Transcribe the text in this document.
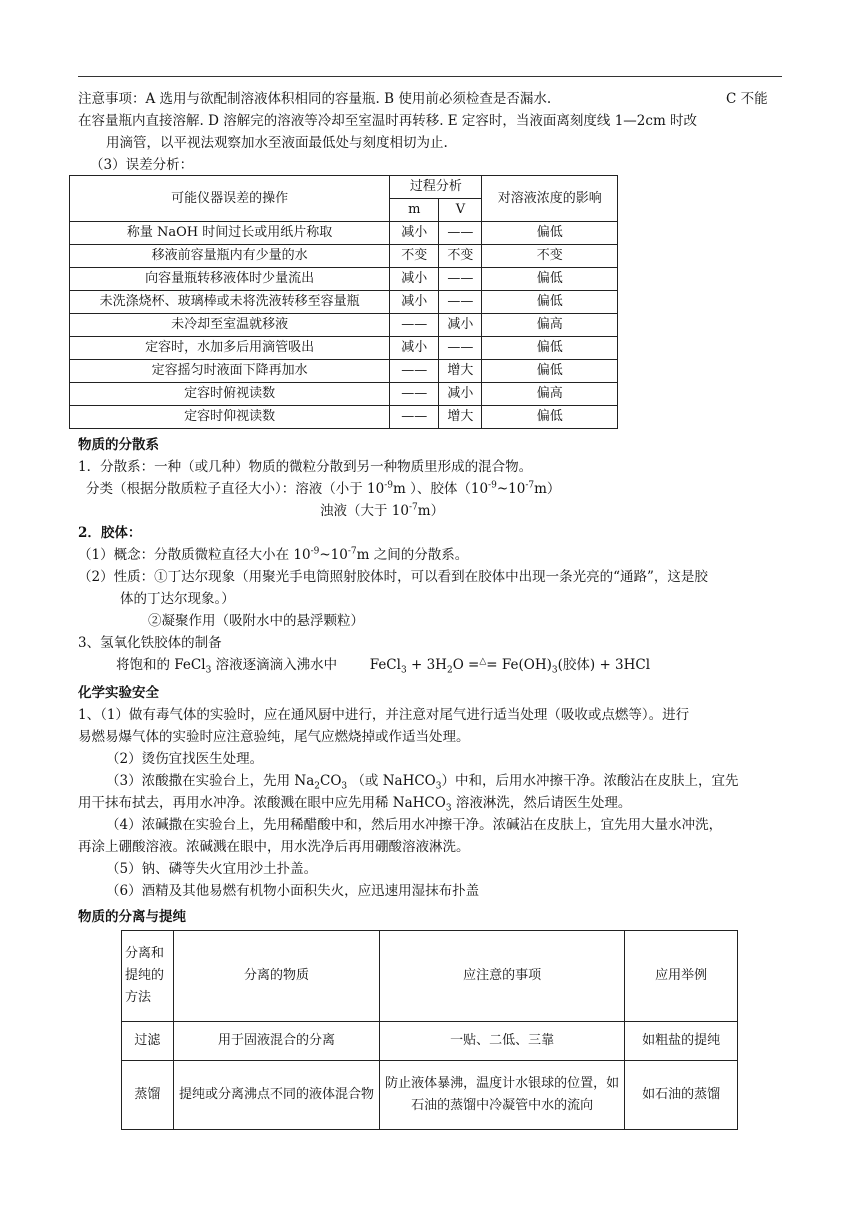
注意事项：A 选用与欲配制溶液体积相同的容量瓶. B 使用前必须检查是否漏水.	C 不能

在容量瓶内直接溶解. D 溶解完的溶液等冷却至室温时再转移. E 定容时，当液面离刻度线 1—2cm 时改

用滴管，以平视法观察加水至液面最低处与刻度相切为止.

（3）误差分析：

可能仪器误差的操作	过程分析		对溶液浓度的影响
	m	V	
称量 NaOH 时间过长或用纸片称取	减小	——	偏低
移液前容量瓶内有少量的水	不变	不变	不变
向容量瓶转移液体时少量流出	减小	——	偏低
未洗涤烧杯、玻璃棒或未将洗液转移至容量瓶	减小	——	偏低
未冷却至室温就移液	——	减小	偏高
定容时，水加多后用滴管吸出	减小	——	偏低
定容摇匀时液面下降再加水	——	增大	偏低
定容时俯视读数	——	减小	偏高
定容时仰视读数	——	增大	偏低

物质的分散系

1．分散系：一种（或几种）物质的微粒分散到另一种物质里形成的混合物。

分类（根据分散质粒子直径大小）：溶液（小于 $10^{-9}m$ ）、胶体$(10^{-9}\sim 10^{-7}m)$

浊液（大于 $10^{-7}m$）

2．胶体：

（1）概念：分散质微粒直径大小在 $10^{-9}\sim 10^{-7}m$ 之间的分散系。

（2）性质：①丁达尔现象（用聚光手电筒照射胶体时，可以看到在胶体中出现一条光亮的“通路”，这是胶

体的丁达尔现象。）

②凝聚作用（吸附水中的悬浮颗粒）

3、氢氧化铁胶体的制备

将饱和的 FeCl$_3$ 溶液逐滴滴入沸水中 FeCl$_3$ + $3H_2O =^\triangle= Fe(OH)_3$(胶体) + 3HCl

化学实验安全

1、（1）做有毒气体的实验时，应在通风厨中进行，并注意对尾气进行适当处理（吸收或点燃等）。进行

易燃易爆气体的实验时应注意验纯，尾气应燃烧掉或作适当处理。

（2）烫伤宜找医生处理。

（3）浓酸撒在实验台上，先用 $Na_2CO_3$ （或 NaHCO$_3$）中和，后用水冲擦干净。浓酸沾在皮肤上，宜先

用干抹布拭去，再用水冲净。浓酸溅在眼中应先用稀 NaHCO$_3$ 溶液淋洗，然后请医生处理。

（4）浓碱撒在实验台上，先用稀醋酸中和，然后用水冲擦干净。浓碱沾在皮肤上，宜先用大量水冲洗，

再涂上硼酸溶液。浓碱溅在眼中，用水洗净后再用硼酸溶液淋洗。

（5）钠、磷等失火宜用沙土扑盖。

（6）酒精及其他易燃有机物小面积失火，应迅速用湿抹布扑盖

物质的分离与提纯

分离和提纯的方法	分离的物质	应注意的事项	应用举例
过滤	用于固液混合的分离	一贴、二低、三靠	如粗盐的提纯
蒸馏	提纯或分离沸点不同的液体混合物	防止液体暴沸，温度计水银球的位置，如石油的蒸馏中冷凝管中水的流向	如石油的蒸馏
